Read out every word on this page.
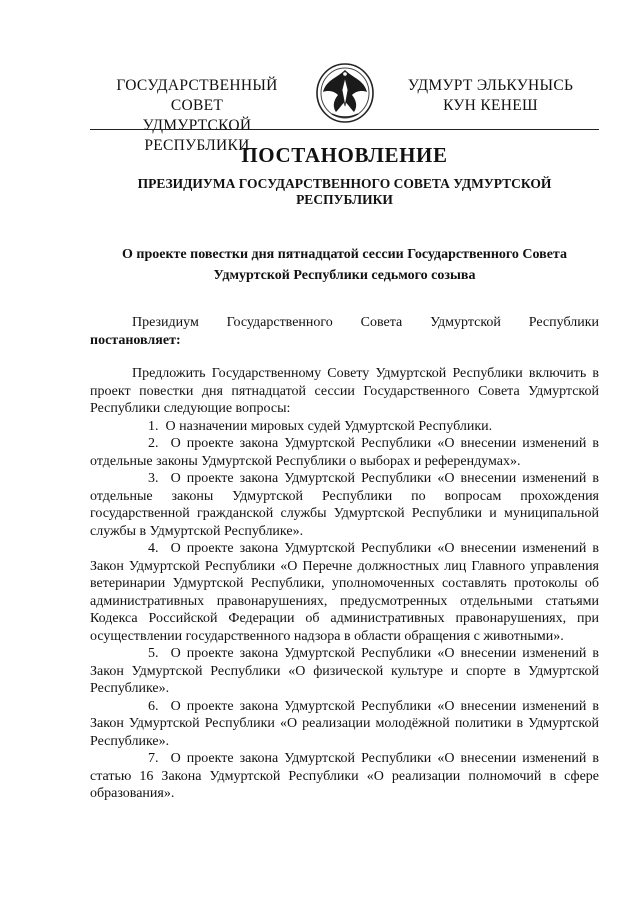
ГОСУДАРСТВЕННЫЙ СОВЕТ
УДМУРТСКОЙ РЕСПУБЛИКИ
УДМУРТ ЭЛЬКУНЫСЬ
КУН КЕНЕШ
ПОСТАНОВЛЕНИЕ
ПРЕЗИДИУМА ГОСУДАРСТВЕННОГО СОВЕТА УДМУРТСКОЙ РЕСПУБЛИКИ
О проекте повестки дня пятнадцатой сессии Государственного Совета
Удмуртской Республики седьмого созыва

Президиум Государственного Совета Удмуртской Республики
постановляет:

Предложить Государственному Совету Удмуртской Республики включить в проект повестки дня пятнадцатой сессии Государственного Совета Удмуртской Республики следующие вопросы:

1. О назначении мировых судей Удмуртской Республики.
2. О проекте закона Удмуртской Республики «О внесении изменений в отдельные законы Удмуртской Республики о выборах и референдумах».
3. О проекте закона Удмуртской Республики «О внесении изменений в отдельные законы Удмуртской Республики по вопросам прохождения государственной гражданской службы Удмуртской Республики и муниципальной службы в Удмуртской Республике».
4. О проекте закона Удмуртской Республики «О внесении изменений в Закон Удмуртской Республики «О Перечне должностных лиц Главного управления ветеринарии Удмуртской Республики, уполномоченных составлять протоколы об административных правонарушениях, предусмотренных отдельными статьями Кодекса Российской Федерации об административных правонарушениях, при осуществлении государственного надзора в области обращения с животными».
5. О проекте закона Удмуртской Республики «О внесении изменений в Закон Удмуртской Республики «О физической культуре и спорте в Удмуртской Республике».
6. О проекте закона Удмуртской Республики «О внесении изменений в Закон Удмуртской Республики «О реализации молодёжной политики в Удмуртской Республике».
7. О проекте закона Удмуртской Республики «О внесении изменений в статью 16 Закона Удмуртской Республики «О реализации полномочий в сфере образования».
